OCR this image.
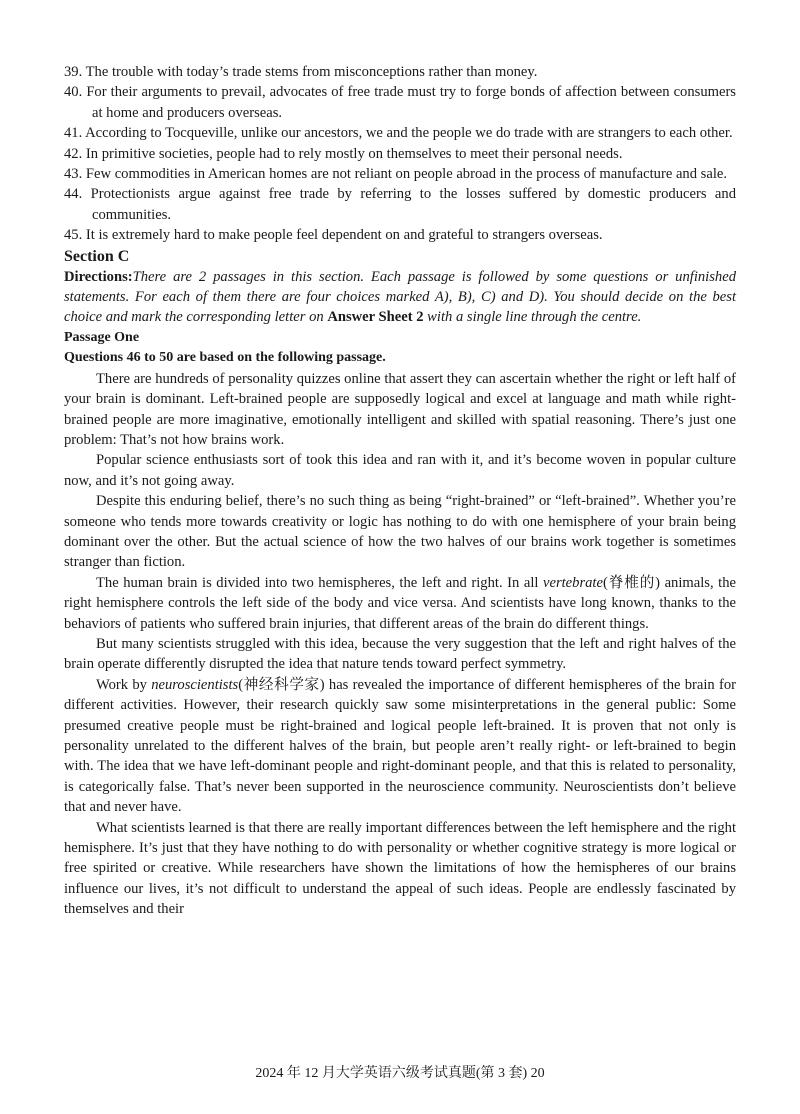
39. The trouble with today’s trade stems from misconceptions rather than money.

40. For their arguments to prevail, advocates of free trade must try to forge bonds of affection between consumers at home and producers overseas.

41. According to Tocqueville, unlike our ancestors, we and the people we do trade with are strangers to each other.

42. In primitive societies, people had to rely mostly on themselves to meet their personal needs.

43. Few commodities in American homes are not reliant on people abroad in the process of manufacture and sale.

44. Protectionists argue against free trade by referring to the losses suffered by domestic producers and communities.

45. It is extremely hard to make people feel dependent on and grateful to strangers overseas.

Section C

Directions:There are 2 passages in this section. Each passage is followed by some questions or unfinished statements. For each of them there are four choices marked A), B), C) and D). You should decide on the best choice and mark the corresponding letter on Answer Sheet 2 with a single line through the centre.

Passage One

Questions 46 to 50 are based on the following passage.

There are hundreds of personality quizzes online that assert they can ascertain whether the right or left half of your brain is dominant. Left-brained people are supposedly logical and excel at language and math while right-brained people are more imaginative, emotionally intelligent and skilled with spatial reasoning. There’s just one problem: That’s not how brains work.

Popular science enthusiasts sort of took this idea and ran with it, and it’s become woven in popular culture now, and it’s not going away.

Despite this enduring belief, there’s no such thing as being “right-brained” or “left-brained”. Whether you’re someone who tends more towards creativity or logic has nothing to do with one hemisphere of your brain being dominant over the other. But the actual science of how the two halves of our brains work together is sometimes stranger than fiction.

The human brain is divided into two hemispheres, the left and right. In all vertebrate(脊椎的) animals, the right hemisphere controls the left side of the body and vice versa. And scientists have long known, thanks to the behaviors of patients who suffered brain injuries, that different areas of the brain do different things.

But many scientists struggled with this idea, because the very suggestion that the left and right halves of the brain operate differently disrupted the idea that nature tends toward perfect symmetry.

Work by neuroscientists(神经科学家) has revealed the importance of different hemispheres of the brain for different activities. However, their research quickly saw some misinterpretations in the general public: Some presumed creative people must be right-brained and logical people left-brained. It is proven that not only is personality unrelated to the different halves of the brain, but people aren’t really right- or left-brained to begin with. The idea that we have left-dominant people and right-dominant people, and that this is related to personality, is categorically false. That’s never been supported in the neuroscience community. Neuroscientists don’t believe that and never have.

What scientists learned is that there are really important differences between the left hemisphere and the right hemisphere. It’s just that they have nothing to do with personality or whether cognitive strategy is more logical or free spirited or creative. While researchers have shown the limitations of how the hemispheres of our brains influence our lives, it’s not difficult to understand the appeal of such ideas. People are endlessly fascinated by themselves and their

2024 年 12 月大学英语六级考试真题(第 3 套) 20
